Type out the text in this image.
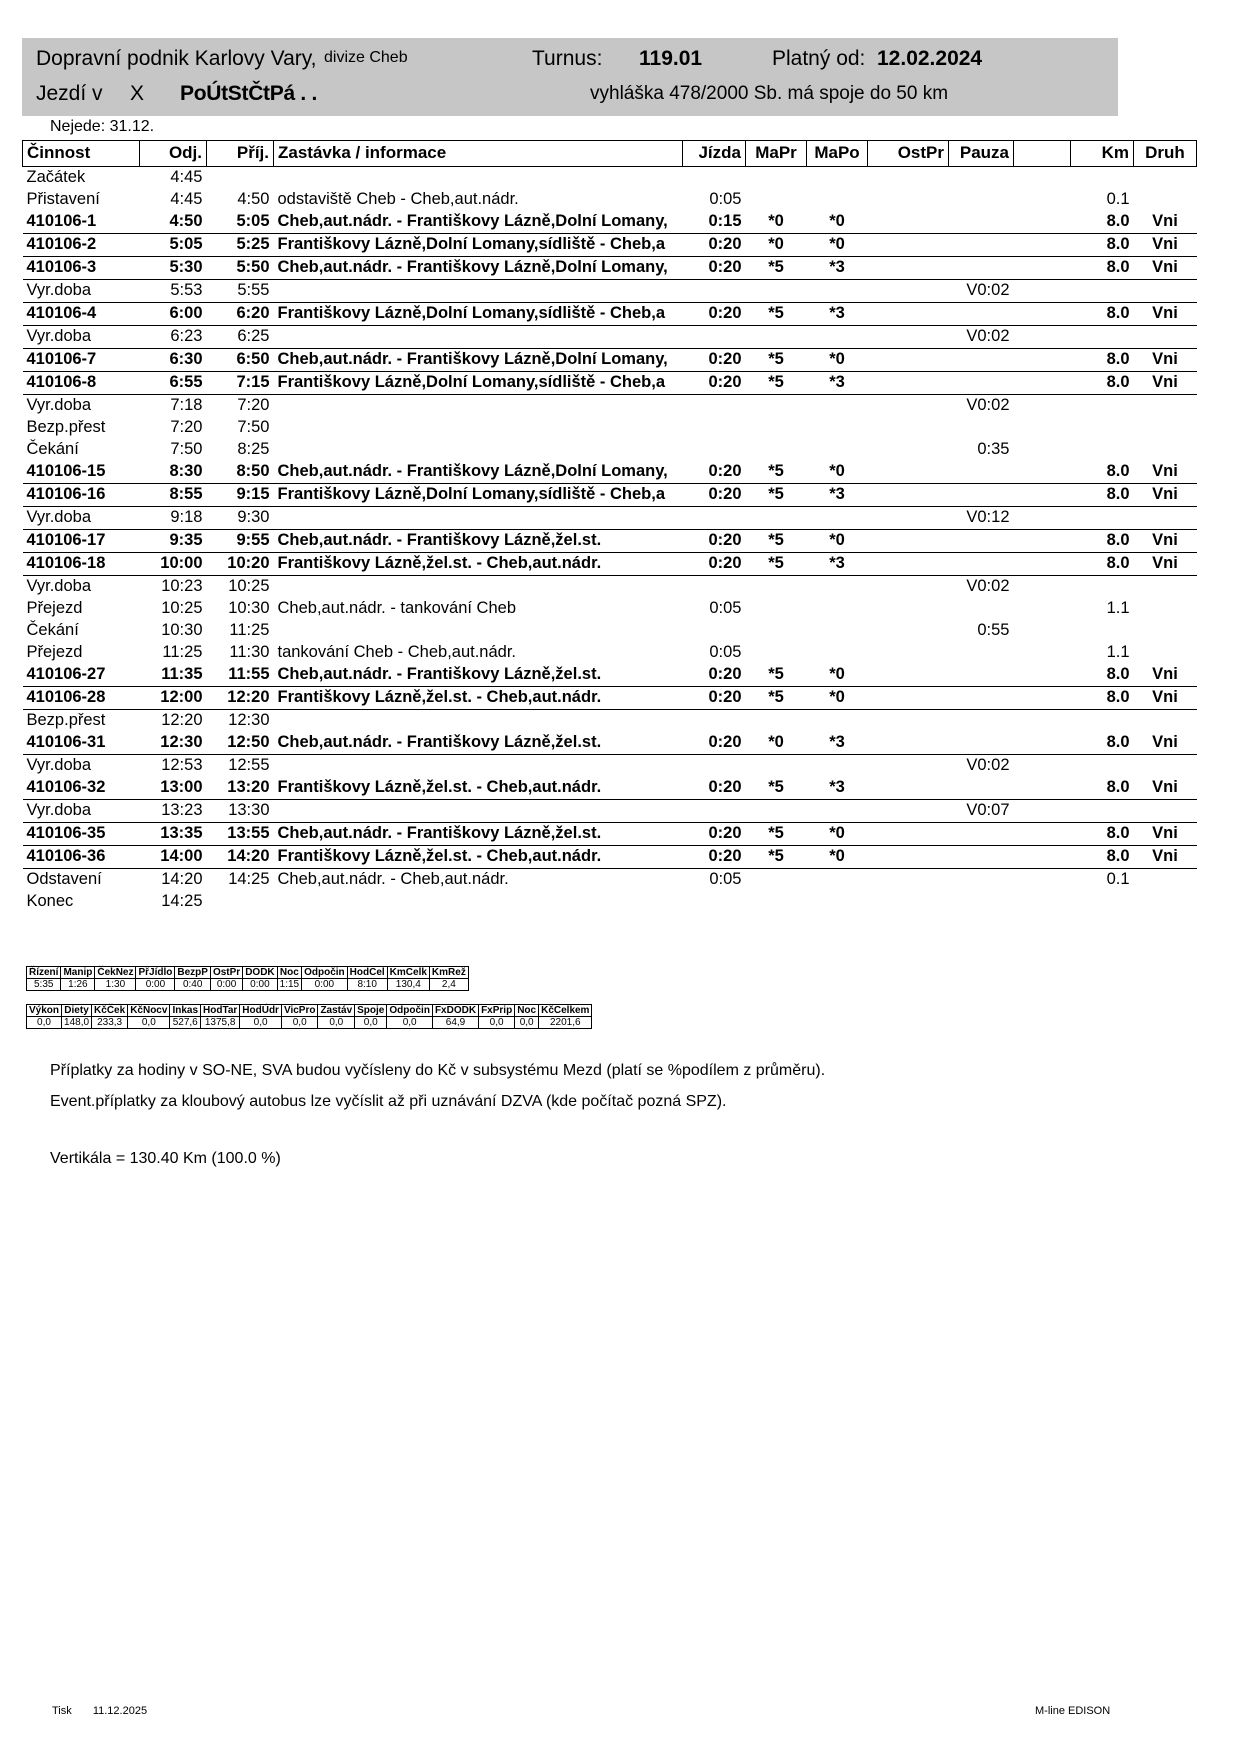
Dopravní podnik Karlovy Vary, divize Cheb	Turnus: 119.01	Platný od: 12.02.2024
Jezdí v X PoÚtStČtPá . .	vyhláška 478/2000 Sb. má spoje do 50 km
Nejede: 31.12.
Činnost	Odj.	Příj.	Zastávka / informace	Jízda	MaPr	MaPo	OstPr	Pauza		Km	Druh
Začátek	4:45										
Přistavení	4:45	4:50	odstaviště Cheb - Cheb,aut.nádr.	0:05						0.1	
410106-1	4:50	5:05	Cheb,aut.nádr. - Františkovy Lázně,Dolní Lomany,	0:15	*0	*0				8.0	Vni
410106-2	5:05	5:25	Františkovy Lázně,Dolní Lomany,sídliště - Cheb,a	0:20	*0	*0				8.0	Vni
410106-3	5:30	5:50	Cheb,aut.nádr. - Františkovy Lázně,Dolní Lomany,	0:20	*5	*3				8.0	Vni
Vyr.doba	5:53	5:55						V0:02			
410106-4	6:00	6:20	Františkovy Lázně,Dolní Lomany,sídliště - Cheb,a	0:20	*5	*3				8.0	Vni
Vyr.doba	6:23	6:25						V0:02			
410106-7	6:30	6:50	Cheb,aut.nádr. - Františkovy Lázně,Dolní Lomany,	0:20	*5	*0				8.0	Vni
410106-8	6:55	7:15	Františkovy Lázně,Dolní Lomany,sídliště - Cheb,a	0:20	*5	*3				8.0	Vni
Vyr.doba	7:18	7:20						V0:02			
Bezp.přest	7:20	7:50									
Čekání	7:50	8:25						0:35			
410106-15	8:30	8:50	Cheb,aut.nádr. - Františkovy Lázně,Dolní Lomany,	0:20	*5	*0				8.0	Vni
410106-16	8:55	9:15	Františkovy Lázně,Dolní Lomany,sídliště - Cheb,a	0:20	*5	*3				8.0	Vni
Vyr.doba	9:18	9:30						V0:12			
410106-17	9:35	9:55	Cheb,aut.nádr. - Františkovy Lázně,žel.st.	0:20	*5	*0				8.0	Vni
410106-18	10:00	10:20	Františkovy Lázně,žel.st. - Cheb,aut.nádr.	0:20	*5	*3				8.0	Vni
Vyr.doba	10:23	10:25						V0:02			
Přejezd	10:25	10:30	Cheb,aut.nádr. - tankování Cheb	0:05						1.1	
Čekání	10:30	11:25						0:55			
Přejezd	11:25	11:30	tankování Cheb - Cheb,aut.nádr.	0:05						1.1	
410106-27	11:35	11:55	Cheb,aut.nádr. - Františkovy Lázně,žel.st.	0:20	*5	*0				8.0	Vni
410106-28	12:00	12:20	Františkovy Lázně,žel.st. - Cheb,aut.nádr.	0:20	*5	*0				8.0	Vni
Bezp.přest	12:20	12:30									
410106-31	12:30	12:50	Cheb,aut.nádr. - Františkovy Lázně,žel.st.	0:20	*0	*3				8.0	Vni
Vyr.doba	12:53	12:55						V0:02			
410106-32	13:00	13:20	Františkovy Lázně,žel.st. - Cheb,aut.nádr.	0:20	*5	*3				8.0	Vni
Vyr.doba	13:23	13:30						V0:07			
410106-35	13:35	13:55	Cheb,aut.nádr. - Františkovy Lázně,žel.st.	0:20	*5	*0				8.0	Vni
410106-36	14:00	14:20	Františkovy Lázně,žel.st. - Cheb,aut.nádr.	0:20	*5	*0				8.0	Vni
Odstavení	14:20	14:25	Cheb,aut.nádr. - Cheb,aut.nádr.	0:05						0.1	
Konec	14:25										
Řízení	Manip	ČekNez	PřJídlo	BezpP	OstPr	DODK	Noc	Odpočin	HodCel	KmCelk	KmRež
5:35	1:26	1:30	0:00	0:40	0:00	0:00	1:15	0:00	8:10	130,4	2,4
Výkon	Diety	KčČek	KčNocv	Inkas	HodTar	HodÚdr	VicPro	Zastáv	Spoje	Odpočin	FxDODK	FxPrip	Noc	KčCelkem
0,0	148,0	233,3	0,0	527,6	1375,8	0,0	0,0	0,0	0,0	0,0	64,9	0,0	0,0	2201,6
Příplatky za hodiny v SO-NE, SVA budou vyčísleny do Kč v subsystému Mezd (platí se %podílem z průměru).
Event.příplatky za kloubový autobus lze vyčíslit až při uznávání DZVA (kde počítač pozná SPZ).
Vertikála = 130.40 Km (100.0 %)
Tisk 11.12.2025	M-line EDISON
